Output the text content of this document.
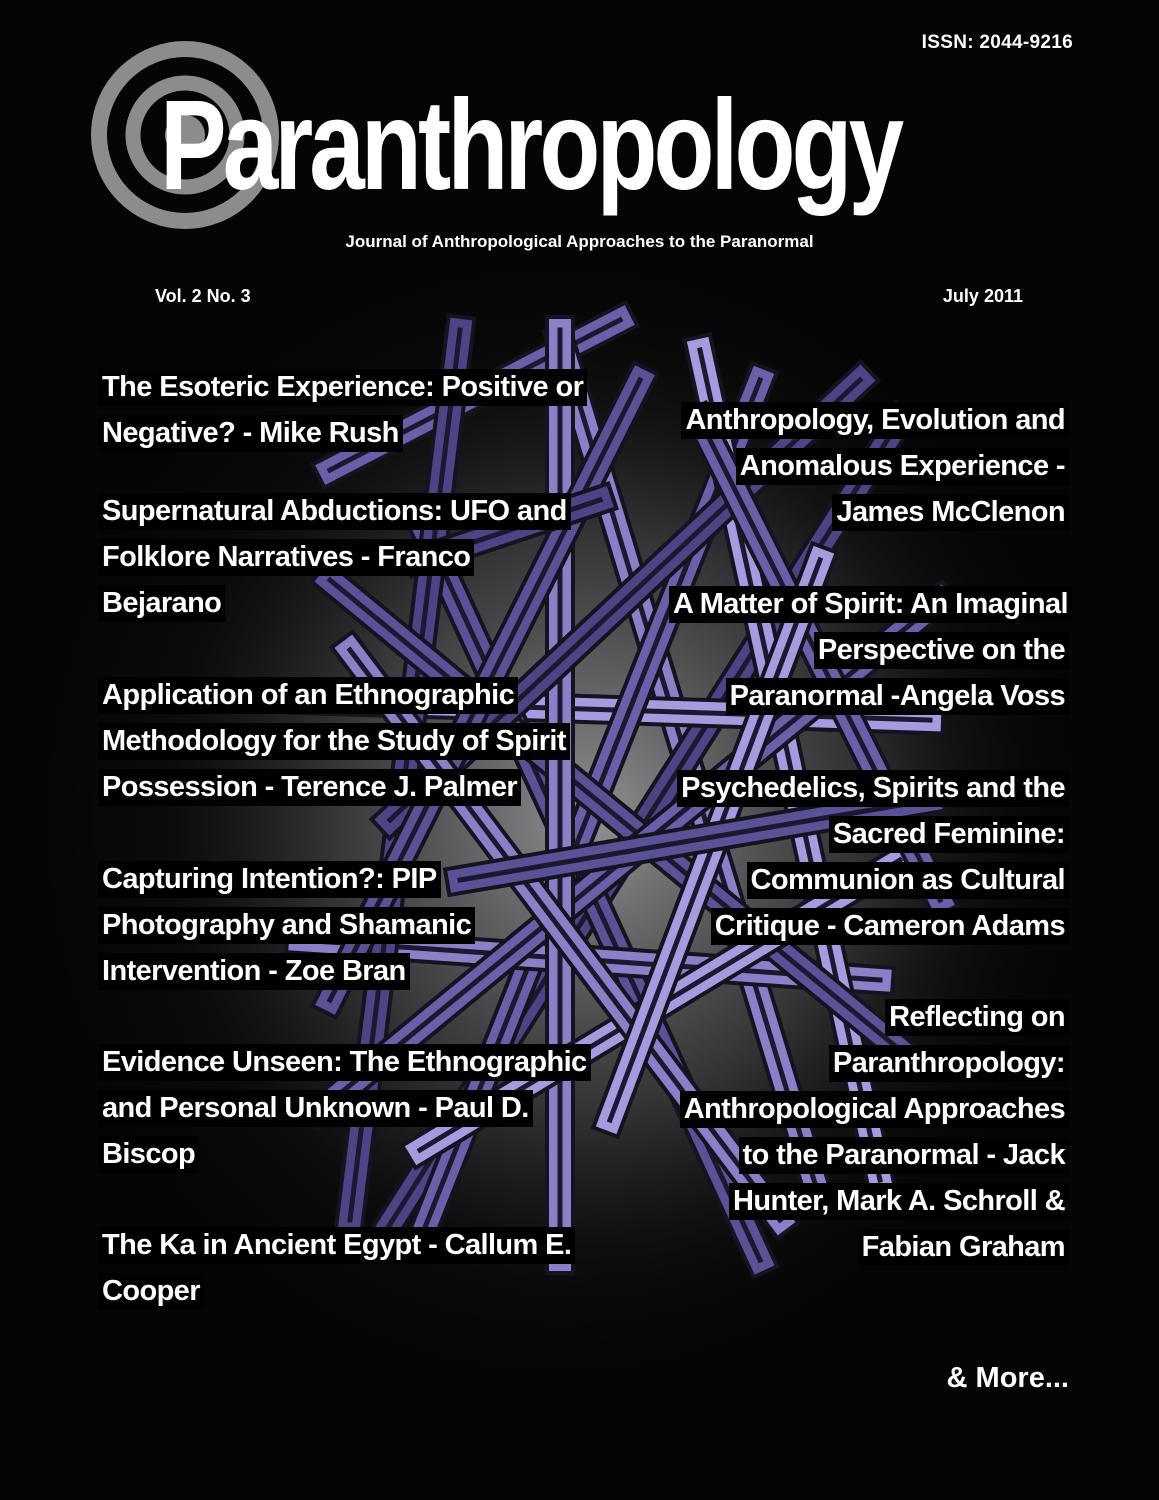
ISSN: 2044-9216
Paranthropology
Journal of Anthropological Approaches to the Paranormal
Vol. 2 No. 3	July 2011
The Esoteric Experience: Positive or Negative? - Mike Rush
Supernatural Abductions: UFO and Folklore Narratives - Franco Bejarano
Application of an Ethnographic Methodology for the Study of Spirit Possession - Terence J. Palmer
Capturing Intention?: PIP Photography and Shamanic Intervention - Zoe Bran
Evidence Unseen: The Ethnographic and Personal Unknown - Paul D. Biscop
The Ka in Ancient Egypt - Callum E. Cooper
Anthropology, Evolution and Anomalous Experience - James McClenon
A Matter of Spirit: An Imaginal Perspective on the Paranormal -Angela Voss
Psychedelics, Spirits and the Sacred Feminine: Communion as Cultural Critique - Cameron Adams
Reflecting on Paranthropology: Anthropological Approaches to the Paranormal - Jack Hunter, Mark A. Schroll & Fabian Graham
& More...
